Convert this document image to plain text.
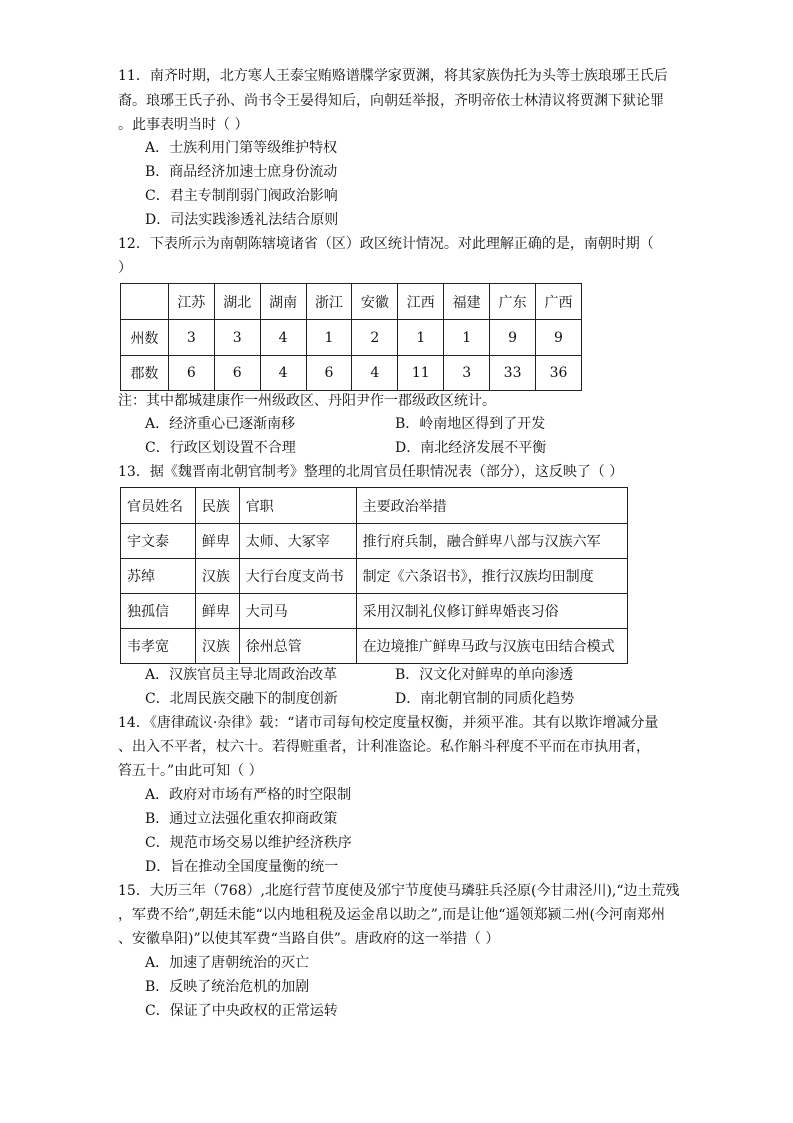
11．南齐时期，北方寒人王泰宝贿赂谱牒学家贾渊，将其家族伪托为头等士族琅琊王氏后
裔。琅琊王氏子孙、尚书令王晏得知后，向朝廷举报，齐明帝依士林清议将贾渊下狱论罪
。此事表明当时（ ）
A．士族利用门第等级维护特权
B．商品经济加速士庶身份流动
C．君主专制削弱门阀政治影响
D．司法实践渗透礼法结合原则
12．下表所示为南朝陈辖境诸省（区）政区统计情况。对此理解正确的是，南朝时期（
）
	江苏	湖北	湖南	浙江	安徽	江西	福建	广东	广西
州数	3	3	4	1	2	1	1	9	9
郡数	6	6	4	6	4	11	3	33	36
注：其中都城建康作一州级政区、丹阳尹作一郡级政区统计。
A．经济重心已逐渐南移	B．岭南地区得到了开发
C．行政区划设置不合理	D．南北经济发展不平衡
13．据《魏晋南北朝官制考》整理的北周官员任职情况表（部分），这反映了（ ）
官员姓名	民族	官职	主要政治举措
宇文泰	鲜卑	太师、大冢宰	推行府兵制，融合鲜卑八部与汉族六军
苏绰	汉族	大行台度支尚书	制定《六条诏书》，推行汉族均田制度
独孤信	鲜卑	大司马	采用汉制礼仪修订鲜卑婚丧习俗
韦孝宽	汉族	徐州总管	在边境推广鲜卑马政与汉族屯田结合模式
A．汉族官员主导北周政治改革	B．汉文化对鲜卑的单向渗透
C．北周民族交融下的制度创新	D．南北朝官制的同质化趋势
14．《唐律疏议·杂律》载：“诸市司每旬校定度量权衡，并须平准。其有以欺诈增减分量
、出入不平者，杖六十。若得赃重者，计利准盗论。私作斛斗秤度不平而在市执用者，
笞五十。”由此可知（ ）
A．政府对市场有严格的时空限制
B．通过立法强化重农抑商政策
C．规范市场交易以维护经济秩序
D．旨在推动全国度量衡的统一
15．大历三年（768）,北庭行营节度使及邠宁节度使马璘驻兵泾原(今甘肃泾川),“边土荒残
，军费不给”,朝廷未能“以内地租税及运金帛以助之”,而是让他“遥领郑颍二州(今河南郑州
、安徽阜阳)”以使其军费“当路自供”。唐政府的这一举措（ ）
A．加速了唐朝统治的灭亡
B．反映了统治危机的加剧
C．保证了中央政权的正常运转
